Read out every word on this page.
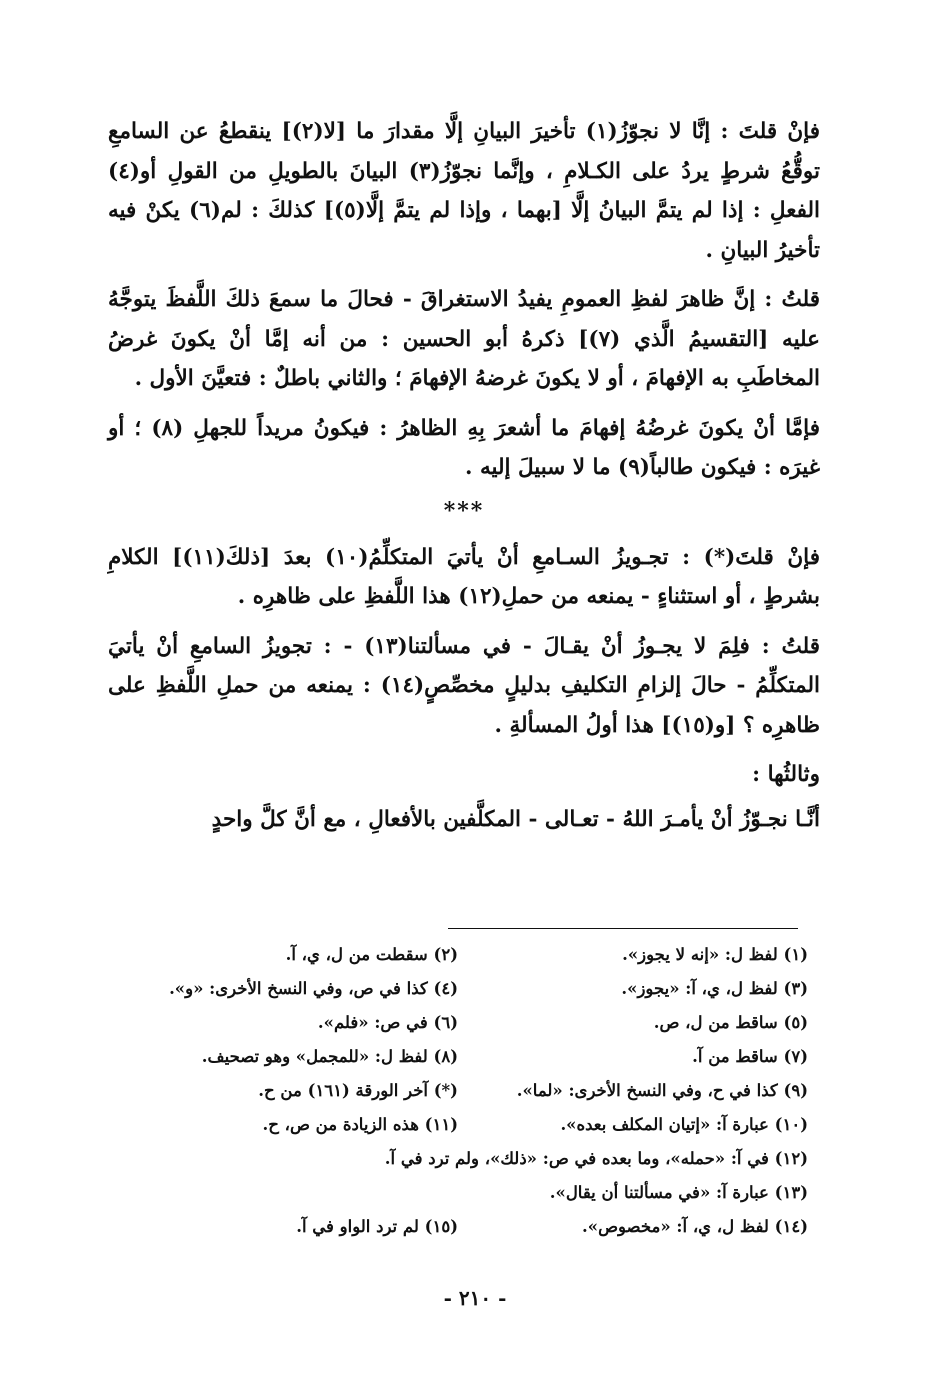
فإنْ قلتَ : إنَّا لا نجوّزُ(١) تأخيرَ البيانِ إلَّا مقدارَ ما [لا(٢)] ينقطعُ عن السامعِ توقُّعُ شرطٍ يردُ على الكـلامِ ، وإنَّما نجوّزُ(٣) البيانَ بالطويلِ من القولِ أو(٤) الفعلِ : إذا لم يتمَّ البيانُ إلَّا [بهما ، وإذا لم يتمَّ إلَّا(٥)] كذلكَ : لم(٦) يكنْ فيه تأخيرُ البيانِ .

قلتُ : إنَّ ظاهرَ لفظِ العمومِ يفيدُ الاستغراقَ - فحالَ ما سمعَ ذلكَ اللَّفظَ يتوجَّهُ عليه [التقسيمُ الَّذي (٧)] ذكرهُ أبو الحسين : من أنه إمَّا أنْ يكونَ غرضُ المخاطَبِ به الإفهامَ ، أو لا يكونَ غرضهُ الإفهامَ ؛ والثاني باطلٌ : فتعيَّنَ الأول .

فإمَّا أنْ يكونَ غرضُهُ إفهامَ ما أشعرَ بِهِ الظاهرُ : فيكونُ مريداً للجهلِ (٨) ؛ أو غيرَه : فيكون طالباً(٩) ما لا سبيلَ إليه .

***

فإنْ قلتَ(*) : تجـويزُ السـامعِ أنْ يأتيَ المتكلِّمُ(١٠) بعدَ [ذلكَ(١١)] الكلامِ بشرطٍ ، أو استثناءٍ - يمنعه من حملِ(١٢) هذا اللَّفظِ على ظاهرِه .

قلتُ : فلِمَ لا يجـوزُ أنْ يقـالَ - في مسألتنا(١٣) - : تجويزُ السامعِ أنْ يأتيَ المتكلِّمُ - حالَ إلزامِ التكليفِ بدليلٍ مخصِّصٍ(١٤) : يمنعه من حملِ اللَّفظِ على ظاهرِه ؟ [و(١٥)] هذا أولُ المسألةِ .

وثالثُها :

أنَّـا نجـوّزُ أنْ يأمـرَ اللهُ - تعـالى - المكلَّفين بالأفعالِ ، مع أنَّ كلَّ واحدٍ

(١) لفظ ل: «إنه لا يجوز».
(٢) سقطت من ل، ي، آ.
(٣) لفظ ل، ي، آ: «يجوز».
(٤) كذا في ص، وفي النسخ الأخرى: «و».
(٥) ساقط من ل، ص.
(٦) في ص: «فلم».
(٧) ساقط من آ.
(٨) لفظ ل: «للمجمل» وهو تصحيف.
(٩) كذا في ح، وفي النسخ الأخرى: «لما».
(*) آخر الورقة (١٦١) من ح.
(١٠) عبارة آ: «إتيان المكلف بعده».
(١١) هذه الزيادة من ص، ح.
(١٢) في آ: «حمله»، وما بعده في ص: «ذلك»، ولم ترد في آ.
(١٣) عبارة آ: «في مسألتنا أن يقال».
(١٤) لفظ ل، ي، آ: «مخصوص».
(١٥) لم ترد الواو في آ.
- ٢١٠ -
